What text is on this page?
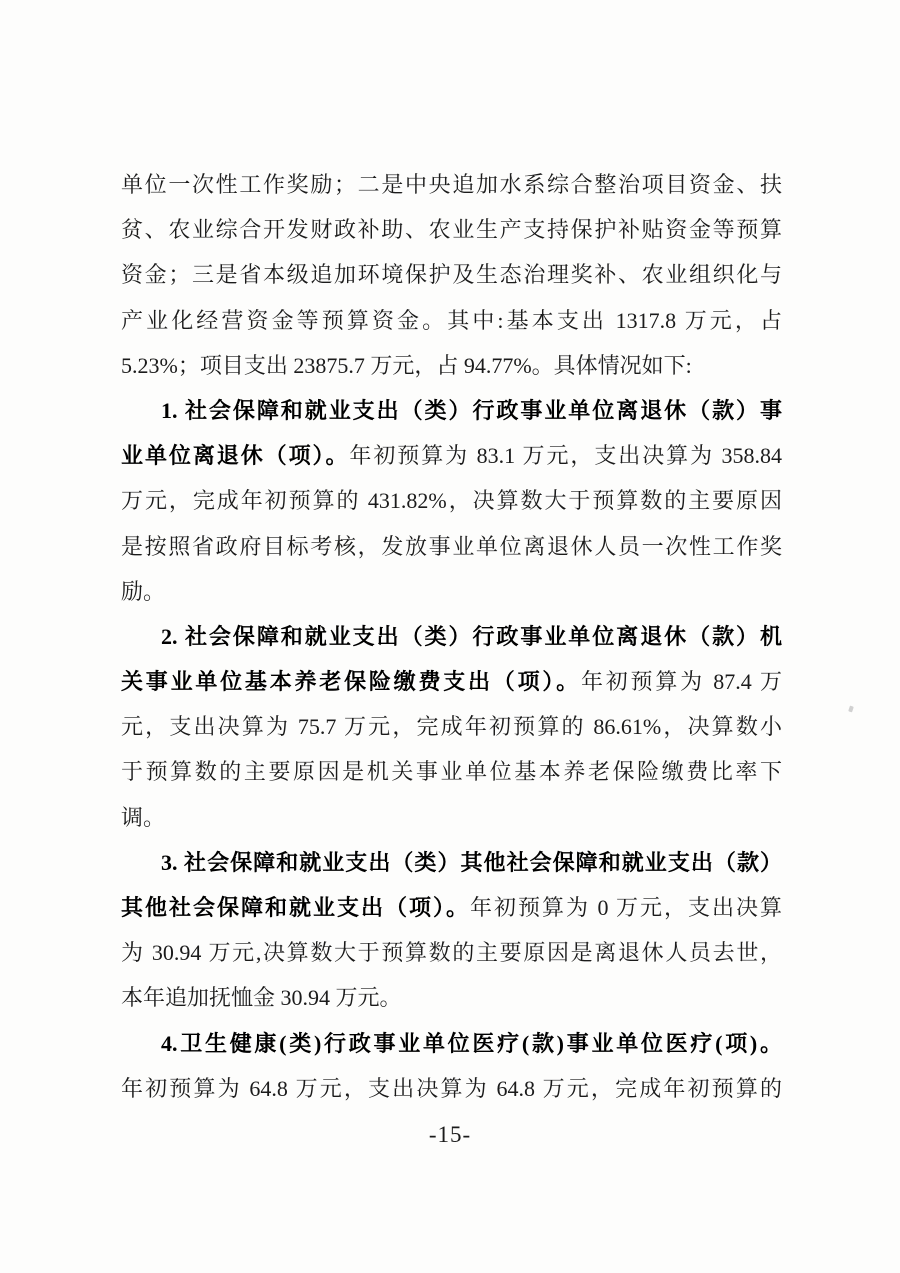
单位一次性工作奖励；二是中央追加水系综合整治项目资金、扶
贫、农业综合开发财政补助、农业生产支持保护补贴资金等预算
资金；三是省本级追加环境保护及生态治理奖补、农业组织化与
产业化经营资金等预算资金。其中:基本支出 1317.8 万元，占
5.23%；项目支出 23875.7 万元，占 94.77%。具体情况如下:
1. 社会保障和就业支出（类）行政事业单位离退休（款）事
业单位离退休（项）。年初预算为 83.1 万元，支出决算为 358.84
万元，完成年初预算的 431.82%，决算数大于预算数的主要原因
是按照省政府目标考核，发放事业单位离退休人员一次性工作奖
励。
2. 社会保障和就业支出（类）行政事业单位离退休（款）机
关事业单位基本养老保险缴费支出（项）。年初预算为 87.4 万
元，支出决算为 75.7 万元，完成年初预算的 86.61%，决算数小
于预算数的主要原因是机关事业单位基本养老保险缴费比率下
调。
3. 社会保障和就业支出（类）其他社会保障和就业支出（款）
其他社会保障和就业支出（项）。年初预算为 0 万元，支出决算
为 30.94 万元,决算数大于预算数的主要原因是离退休人员去世，
本年追加抚恤金 30.94 万元。
4.卫生健康(类)行政事业单位医疗(款)事业单位医疗(项)。
年初预算为 64.8 万元，支出决算为 64.8 万元，完成年初预算的
-15-
